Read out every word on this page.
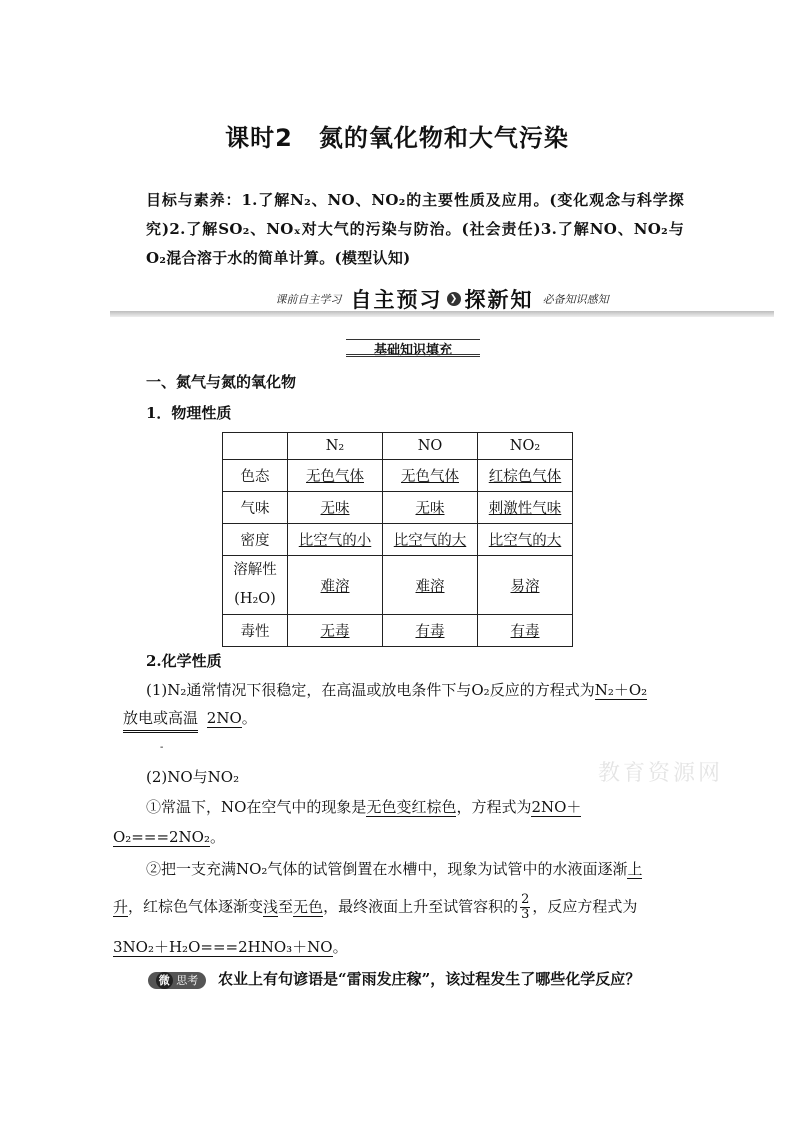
课时2 氮的氧化物和大气污染
目标与素养：1.了解N₂、NO、NO₂的主要性质及应用。(变化观念与科学探究)2.了解SO₂、NOₓ对大气的污染与防治。(社会责任)3.了解NO、NO₂与O₂混合溶于水的简单计算。(模型认知)
课前自主学习 自主预习 ❯ 探新知 必备知识感知
基础知识填充
一、氮气与氮的氧化物
1．物理性质
	N₂	NO	NO₂
色态	无色气体	无色气体	红棕色气体
气味	无味	无味	刺激性气味
密度	比空气的小	比空气的大	比空气的大
溶解性
(H₂O)	难溶	难溶	易溶
毒性	无毒	有毒	有毒
2.化学性质
(1)N₂通常情况下很稳定，在高温或放电条件下与O₂反应的方程式为N₂＋O₂
放电或高温 2NO。
-
(2)NO与NO₂
①常温下，NO在空气中的现象是无色变红棕色，方程式为2NO＋
O₂===2NO₂。
②把一支充满NO₂气体的试管倒置在水槽中，现象为试管中的水液面逐渐上
升，红棕色气体逐渐变浅至无色，最终液面上升至试管容积的 $\frac{2}{3}$ ，反应方程式为
3NO₂＋H₂O===2HNO₃＋NO。
微 思考 农业上有句谚语是“雷雨发庄稼”，该过程发生了哪些化学反应？
教育资源网
